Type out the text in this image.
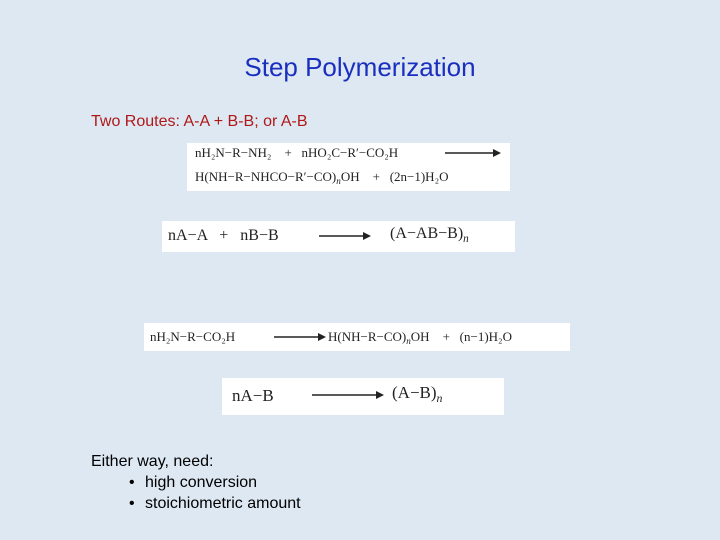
Step Polymerization
Two Routes: A-A + B-B; or A-B
nH₂N−R−NH₂ + nHO₂C−R′−CO₂H
$H(NH-R-NHCO-R'-CO)_nOH + (2n-1)H_2O$
nA−A + nB−B	$(A-AB-B)_n$
nH₂N−R−CO₂H	$H(NH-R-CO)_nOH + (n-1)H_2O$
nA−B	$(A-B)_n$
Either way, need:
• high conversion
• stoichiometric amount
